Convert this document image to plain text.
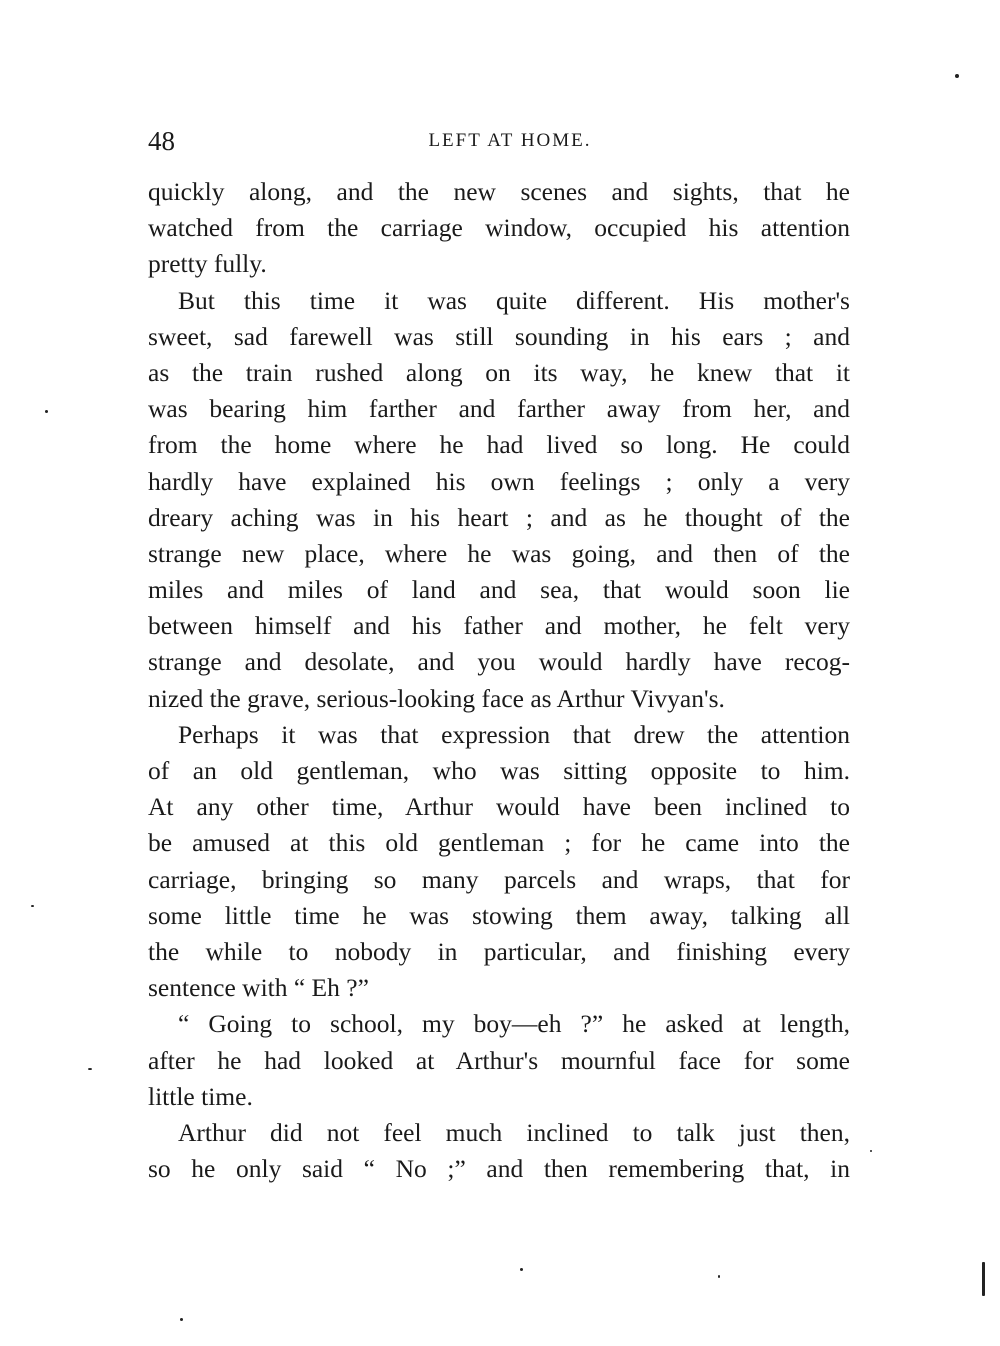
48	LEFT AT HOME.

quickly along, and the new scenes and sights, that he
watched from the carriage window, occupied his attention
pretty fully.

But this time it was quite different. His mother's
sweet, sad farewell was still sounding in his ears ; and
as the train rushed along on its way, he knew that it
was bearing him farther and farther away from her, and
from the home where he had lived so long. He could
hardly have explained his own feelings ; only a very
dreary aching was in his heart ; and as he thought of the
strange new place, where he was going, and then of the
miles and miles of land and sea, that would soon lie
between himself and his father and mother, he felt very
strange and desolate, and you would hardly have recog-
nized the grave, serious-looking face as Arthur Vivyan's.

Perhaps it was that expression that drew the attention
of an old gentleman, who was sitting opposite to him.
At any other time, Arthur would have been inclined to
be amused at this old gentleman ; for he came into the
carriage, bringing so many parcels and wraps, that for
some little time he was stowing them away, talking all
the while to nobody in particular, and finishing every
sentence with “ Eh ?”

“ Going to school, my boy—eh ?” he asked at length,
after he had looked at Arthur's mournful face for some
little time.

Arthur did not feel much inclined to talk just then,
so he only said “ No ;” and then remembering that, in
